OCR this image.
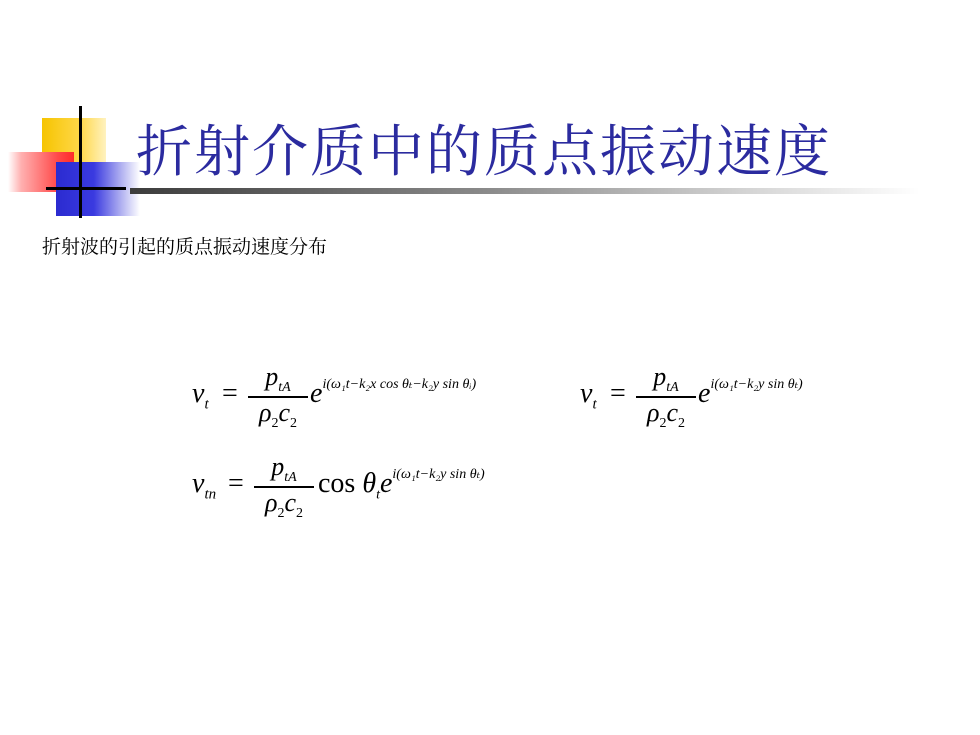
折射介质中的质点振动速度
折射波的引起的质点振动速度分布
$v_t$ =
$p_{tA}$
$\rho_2c_2$
$e^{i(\omega_1t-k_2x cos \theta_t-k_2y sin \theta ᵢ)}$	$v_t$ =
$p_{tA}$
$\rho_2c_2$
$e^{i(\omega_1t-k_2y sin \theta_t)}$
$v_{tn}$ =
$p_{tA}$
$\rho_2c_2$
$\cos \theta_te^{i(\omega_1t-k_2y sin \theta_t)}$
